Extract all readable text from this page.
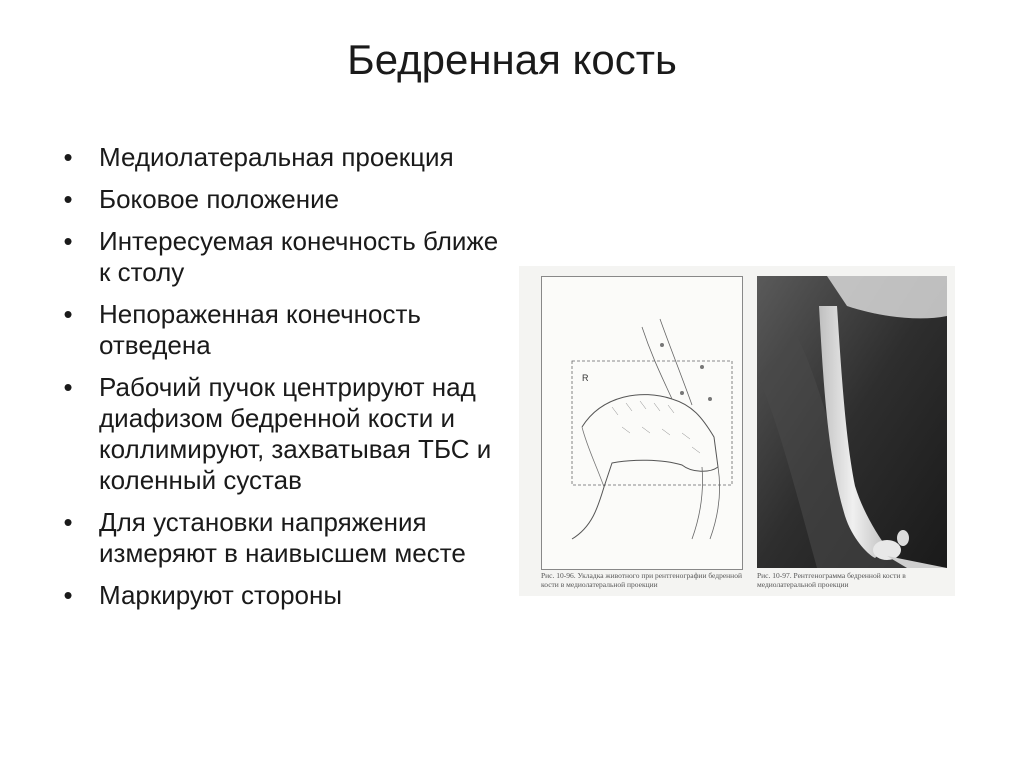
Бедренная кость
• Медиолатеральная проекция
• Боковое положение
• Интересуемая конечность ближе к столу
• Непораженная конечность отведена
• Рабочий пучок центрируют над диафизом бедренной кости и коллимируют, захватывая ТБС и коленный сустав
• Для установки напряжения измеряют в наивысшем месте
• Маркируют стороны
R
Рис. 10-96. Укладка животного при рентгенографии бедренной кости в медиолатеральной проекции
Рис. 10-97. Рентгенограмма бедренной кости в медиолатеральной проекции
